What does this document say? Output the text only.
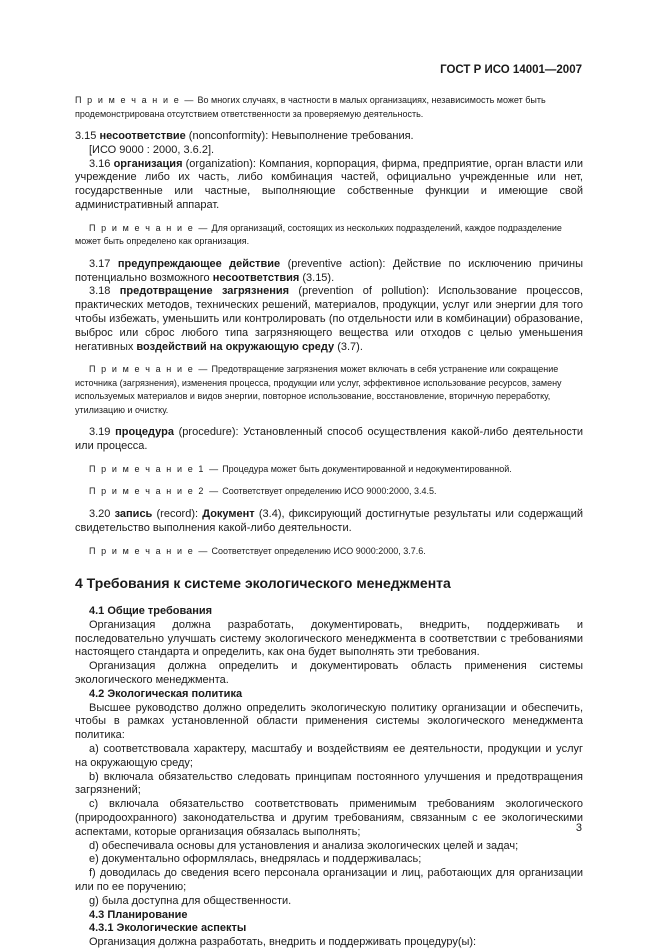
ГОСТ Р ИСО 14001—2007

П р и м е ч а н и е — Во многих случаях, в частности в малых организациях, независимость может быть продемонстрирована отсутствием ответственности за проверяемую деятельность.

3.15 несоответствие (nonconformity): Невыполнение требования.

[ИСО 9000 : 2000, 3.6.2].

3.16 организация (organization): Компания, корпорация, фирма, предприятие, орган власти или учреждение либо их часть, либо комбинация частей, официально учрежденные или нет, государственные или частные, выполняющие собственные функции и имеющие свой административный аппарат.

П р и м е ч а н и е — Для организаций, состоящих из нескольких подразделений, каждое подразделение может быть определено как организация.

3.17 предупреждающее действие (preventive action): Действие по исключению причины потенциально возможного несоответствия (3.15).

3.18 предотвращение загрязнения (prevention of pollution): Использование процессов, практических методов, технических решений, материалов, продукции, услуг или энергии для того чтобы избежать, уменьшить или контролировать (по отдельности или в комбинации) образование, выброс или сброс любого типа загрязняющего вещества или отходов с целью уменьшения негативных воздействий на окружающую среду (3.7).

П р и м е ч а н и е — Предотвращение загрязнения может включать в себя устранение или сокращение источника (загрязнения), изменения процесса, продукции или услуг, эффективное использование ресурсов, замену используемых материалов и видов энергии, повторное использование, восстановление, вторичную переработку, утилизацию и очистку.

3.19 процедура (procedure): Установленный способ осуществления какой-либо деятельности или процесса.

П р и м е ч а н и е 1 — Процедура может быть документированной и недокументированной.

П р и м е ч а н и е 2 — Соответствует определению ИСО 9000:2000, 3.4.5.

3.20 запись (record): Документ (3.4), фиксирующий достигнутые результаты или содержащий свидетельство выполнения какой-либо деятельности.

П р и м е ч а н и е — Соответствует определению ИСО 9000:2000, 3.7.6.

4 Требования к системе экологического менеджмента

4.1 Общие требования

Организация должна разработать, документировать, внедрить, поддерживать и последовательно улучшать систему экологического менеджмента в соответствии с требованиями настоящего стандарта и определить, как она будет выполнять эти требования.

Организация должна определить и документировать область применения системы экологического менеджмента.

4.2 Экологическая политика

Высшее руководство должно определить экологическую политику организации и обеспечить, чтобы в рамках установленной области применения системы экологического менеджмента политика:

a) соответствовала характеру, масштабу и воздействиям ее деятельности, продукции и услуг на окружающую среду;

b) включала обязательство следовать принципам постоянного улучшения и предотвращения загрязнений;

c) включала обязательство соответствовать применимым требованиям экологического (природоохранного) законодательства и другим требованиям, связанным с ее экологическими аспектами, которые организация обязалась выполнять;

d) обеспечивала основы для установления и анализа экологических целей и задач;

e) документально оформлялась, внедрялась и поддерживалась;

f) доводилась до сведения всего персонала организации и лиц, работающих для организации или по ее поручению;

g) была доступна для общественности.

4.3 Планирование

4.3.1 Экологические аспекты

Организация должна разработать, внедрить и поддерживать процедуру(ы):

3
